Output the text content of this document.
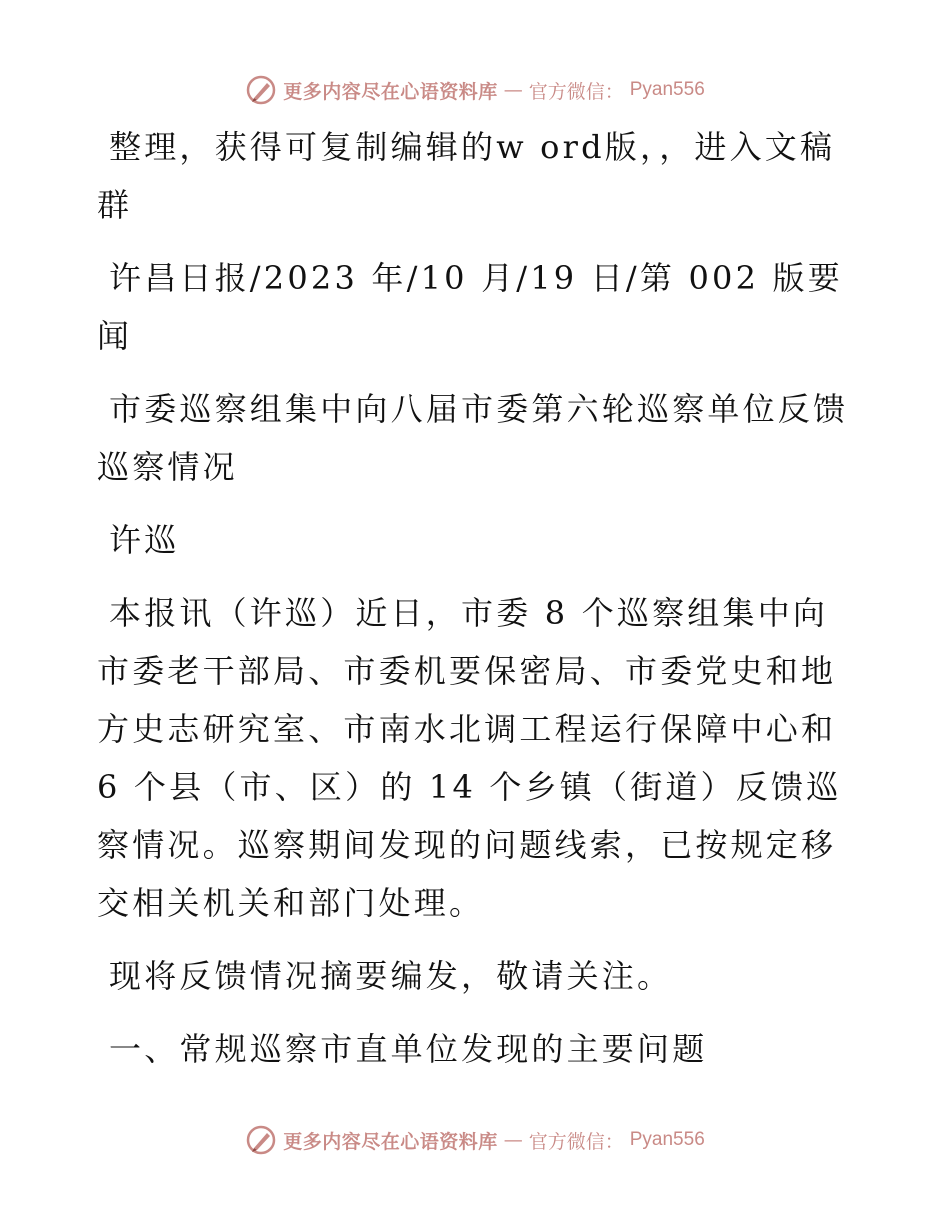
更多内容尽在心语资料库 — 官方微信： Pyan556

整理，获得可复制编辑的w ord版，，进入文稿群

许昌日报/2023 年/10 月/19 日/第 002 版要闻

市委巡察组集中向八届市委第六轮巡察单位反馈巡察情况

许巡

本报讯（许巡）近日，市委 8 个巡察组集中向市委老干部局、市委机要保密局、市委党史和地方史志研究室、市南水北调工程运行保障中心和 6 个县（市、区）的 14 个乡镇（街道）反馈巡察情况。巡察期间发现的问题线索，已按规定移交相关机关和部门处理。

现将反馈情况摘要编发，敬请关注。

一、常规巡察市直单位发现的主要问题

更多内容尽在心语资料库 — 官方微信： Pyan556
